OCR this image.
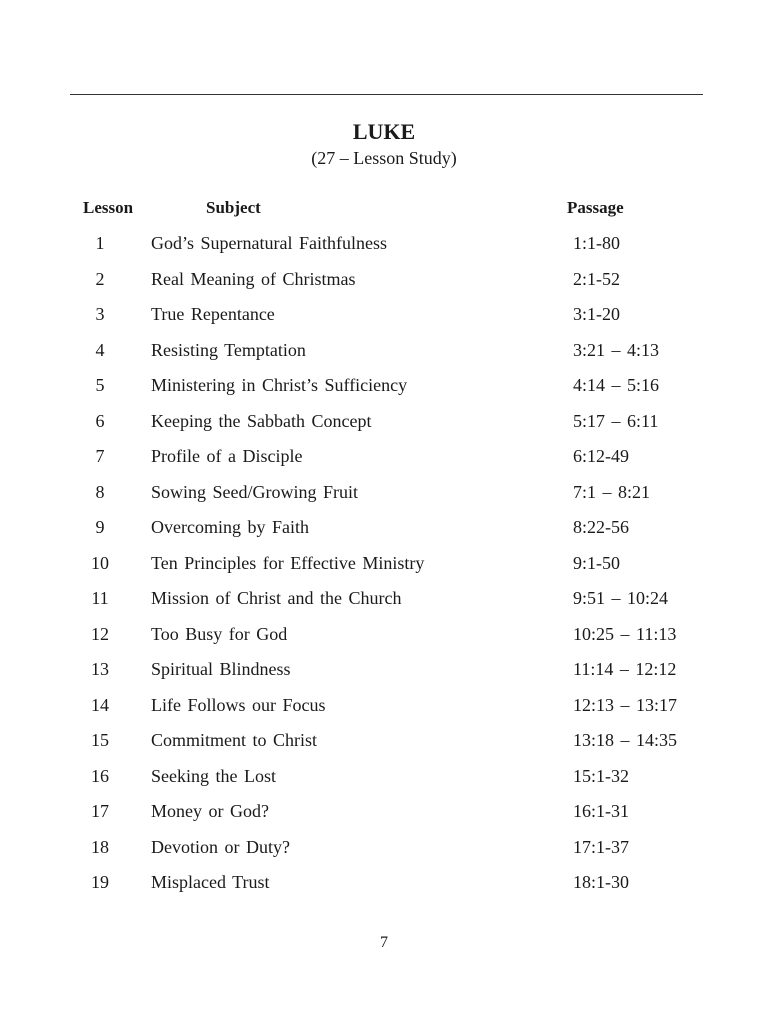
LUKE
(27 – Lesson Study)
Lesson	Subject	Passage
1	God’s Supernatural Faithfulness	1:1-80
2	Real Meaning of Christmas	2:1-52
3	True Repentance	3:1-20
4	Resisting Temptation	3:21 – 4:13
5	Ministering in Christ’s Sufficiency	4:14 – 5:16
6	Keeping the Sabbath Concept	5:17 – 6:11
7	Profile of a Disciple	6:12-49
8	Sowing Seed/Growing Fruit	7:1 – 8:21
9	Overcoming by Faith	8:22-56
10	Ten Principles for Effective Ministry	9:1-50
11	Mission of Christ and the Church	9:51 – 10:24
12	Too Busy for God	10:25 – 11:13
13	Spiritual Blindness	11:14 – 12:12
14	Life Follows our Focus	12:13 – 13:17
15	Commitment to Christ	13:18 – 14:35
16	Seeking the Lost	15:1-32
17	Money or God?	16:1-31
18	Devotion or Duty?	17:1-37
19	Misplaced Trust	18:1-30
7
